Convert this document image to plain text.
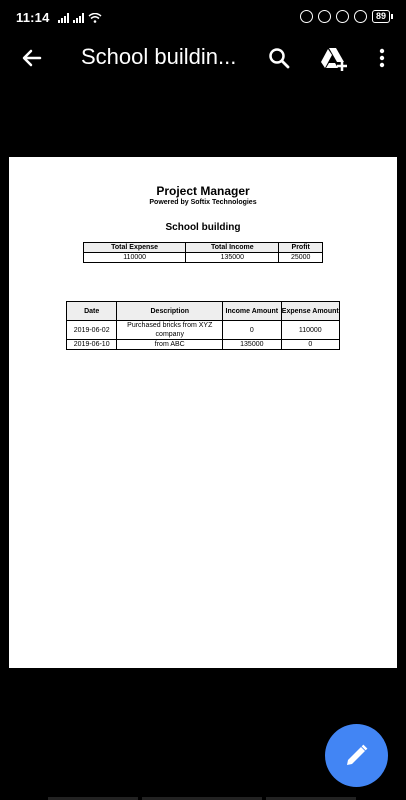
11:14	89
School buildin...
Project Manager
Powered by Softix Technologies
School building
Total Expense	Total Income	Profit
110000	135000	25000
Date	Description	Income Amount	Expense Amount
2019-06-02	Purchased bricks from XYZ company	0	110000
2019-06-10	from ABC	135000	0
